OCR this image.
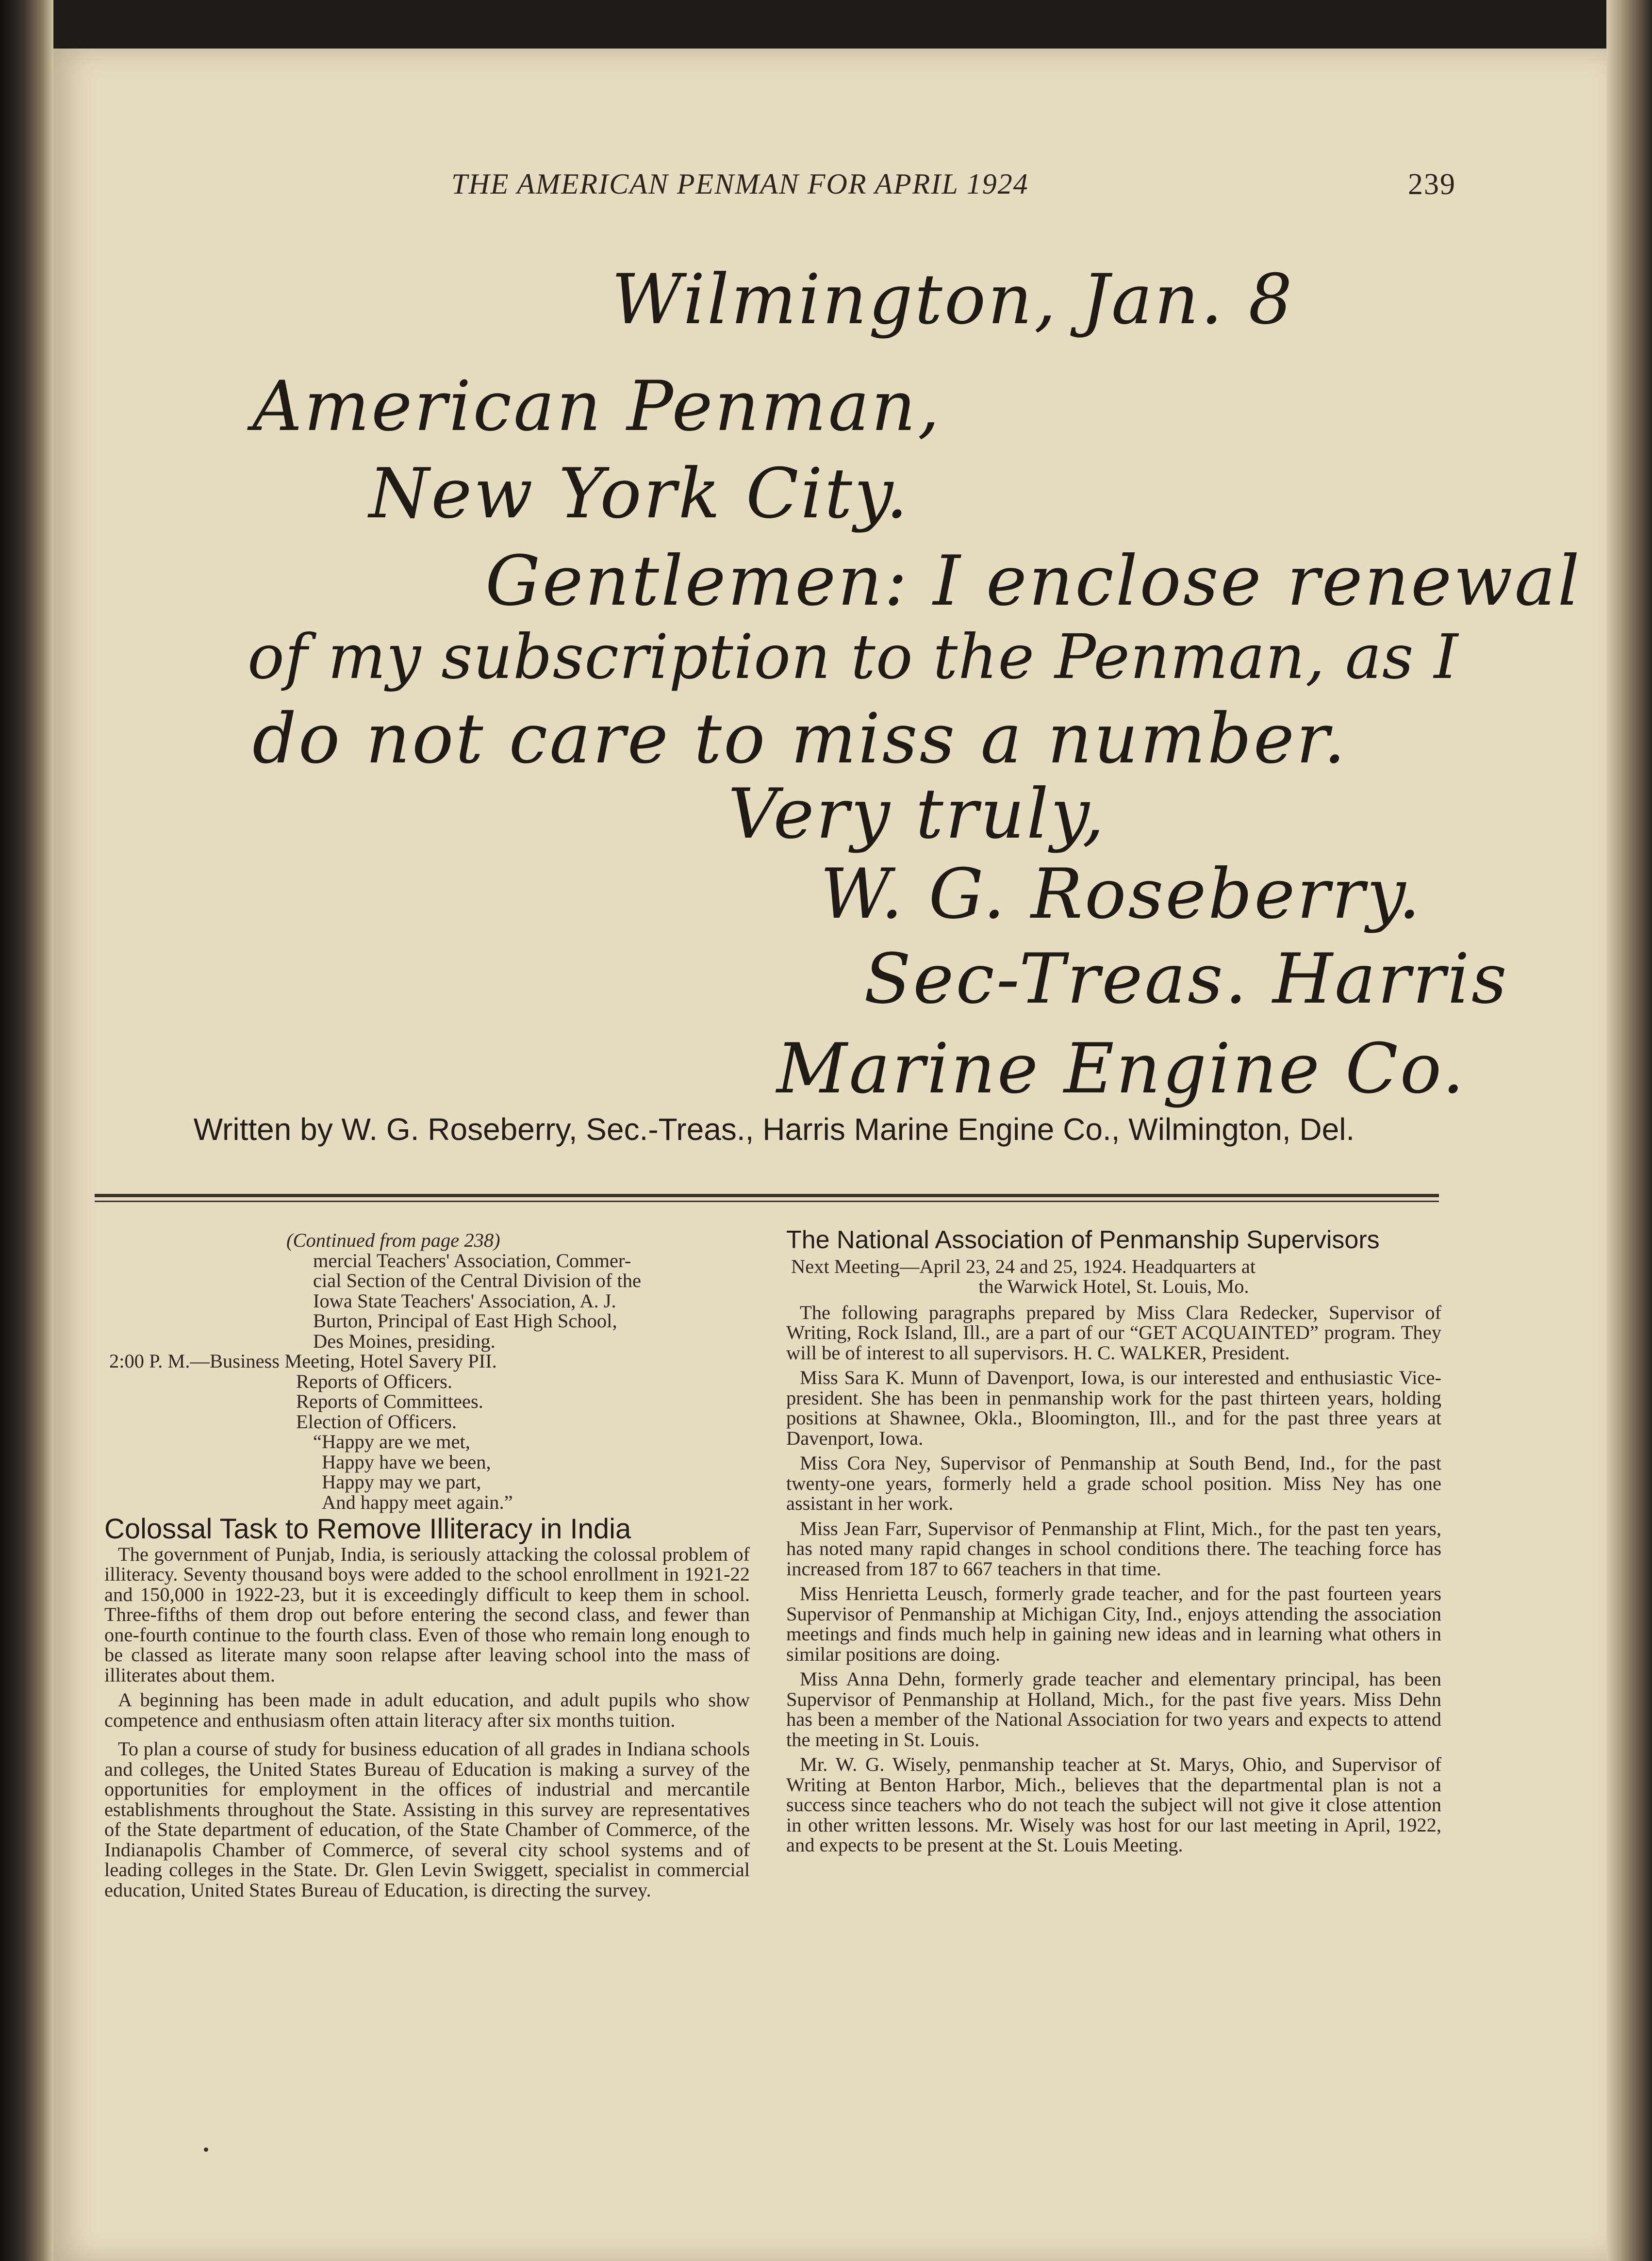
THE AMERICAN PENMAN FOR APRIL 1924	239
Wilmington, Jan. 8
American Penman,
New York City.
Gentlemen: I enclose renewal
of my subscription to the Penman, as I
do not care to miss a number.
Very truly,
W. G. Roseberry.
Sec-Treas. Harris
Marine Engine Co.
Written by W. G. Roseberry, Sec.-Treas., Harris Marine Engine Co., Wilmington, Del.
(Continued from page 238)
mercial Teachers' Association, Commer-
cial Section of the Central Division of the
Iowa State Teachers' Association, A. J.
Burton, Principal of East High School,
Des Moines, presiding.
2:00 P. M.—Business Meeting, Hotel Savery PII.
Reports of Officers.
Reports of Committees.
Election of Officers.
“Happy are we met,
Happy have we been,
Happy may we part,
And happy meet again.”
Colossal Task to Remove Illiteracy in India

The government of Punjab, India, is seriously attacking the colossal problem of illiteracy. Seventy thousand boys were added to the school enrollment in 1921-22 and 150,000 in 1922-23, but it is exceedingly difficult to keep them in school. Three-fifths of them drop out before entering the second class, and fewer than one-fourth continue to the fourth class. Even of those who remain long enough to be classed as literate many soon relapse after leaving school into the mass of illiterates about them.

A beginning has been made in adult education, and adult pupils who show competence and enthusiasm often attain literacy after six months tuition.

To plan a course of study for business education of all grades in Indiana schools and colleges, the United States Bureau of Education is making a survey of the opportunities for employment in the offices of industrial and mercantile establishments throughout the State. Assisting in this survey are representatives of the State department of education, of the State Chamber of Commerce, of the Indianapolis Chamber of Commerce, of several city school systems and of leading colleges in the State. Dr. Glen Levin Swiggett, specialist in commercial education, United States Bureau of Education, is directing the survey.

The National Association of Penmanship Supervisors
Next Meeting—April 23, 24 and 25, 1924. Headquarters at
the Warwick Hotel, St. Louis, Mo.

The following paragraphs prepared by Miss Clara Redecker, Supervisor of Writing, Rock Island, Ill., are a part of our “GET ACQUAINTED” program. They will be of interest to all supervisors. H. C. WALKER, President.

Miss Sara K. Munn of Davenport, Iowa, is our interested and enthusiastic Vice-president. She has been in penmanship work for the past thirteen years, holding positions at Shawnee, Okla., Bloomington, Ill., and for the past three years at Davenport, Iowa.

Miss Cora Ney, Supervisor of Penmanship at South Bend, Ind., for the past twenty-one years, formerly held a grade school position. Miss Ney has one assistant in her work.

Miss Jean Farr, Supervisor of Penmanship at Flint, Mich., for the past ten years, has noted many rapid changes in school conditions there. The teaching force has increased from 187 to 667 teachers in that time.

Miss Henrietta Leusch, formerly grade teacher, and for the past fourteen years Supervisor of Penmanship at Michigan City, Ind., enjoys attending the association meetings and finds much help in gaining new ideas and in learning what others in similar positions are doing.

Miss Anna Dehn, formerly grade teacher and elementary principal, has been Supervisor of Penmanship at Holland, Mich., for the past five years. Miss Dehn has been a member of the National Association for two years and expects to attend the meeting in St. Louis.

Mr. W. G. Wisely, penmanship teacher at St. Marys, Ohio, and Supervisor of Writing at Benton Harbor, Mich., believes that the departmental plan is not a success since teachers who do not teach the subject will not give it close attention in other written lessons. Mr. Wisely was host for our last meeting in April, 1922, and expects to be present at the St. Louis Meeting.
